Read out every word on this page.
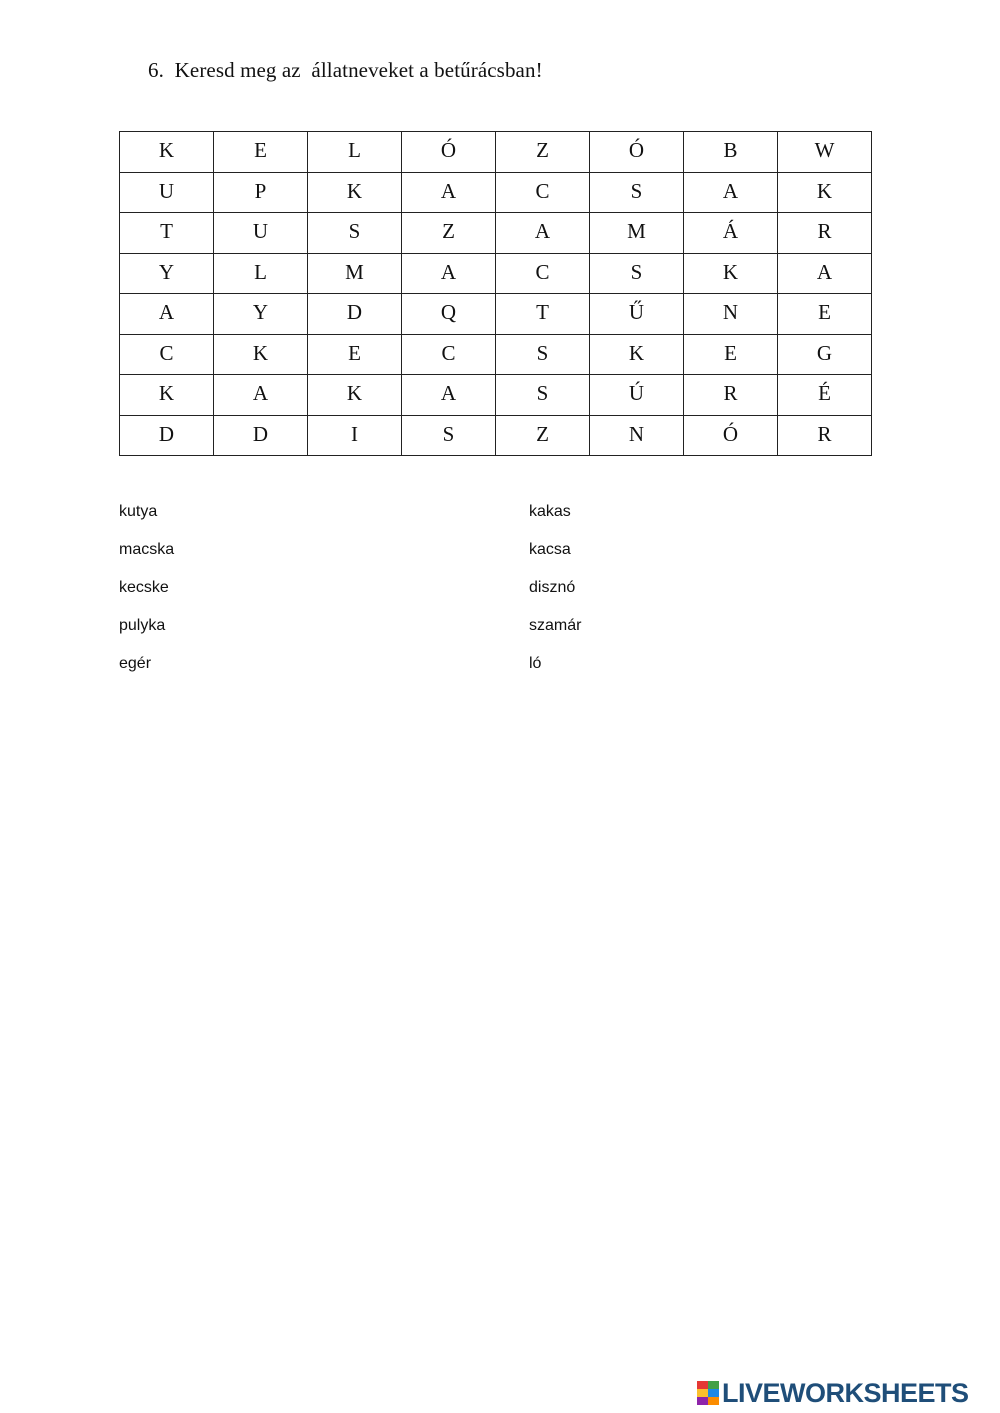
6.  Keresd meg az  állatneveket a betűrácsban!
K	E	L	Ó	Z	Ó	B	W
U	P	K	A	C	S	A	K
T	U	S	Z	A	M	Á	R
Y	L	M	A	C	S	K	A
A	Y	D	Q	T	Ű	N	E
C	K	E	C	S	K	E	G
K	A	K	A	S	Ú	R	É
D	D	I	S	Z	N	Ó	R
kutya
macska
kecske
pulyka
egér
kakas
kacsa
disznó
szamár
ló
LIVEWORKSHEETS
